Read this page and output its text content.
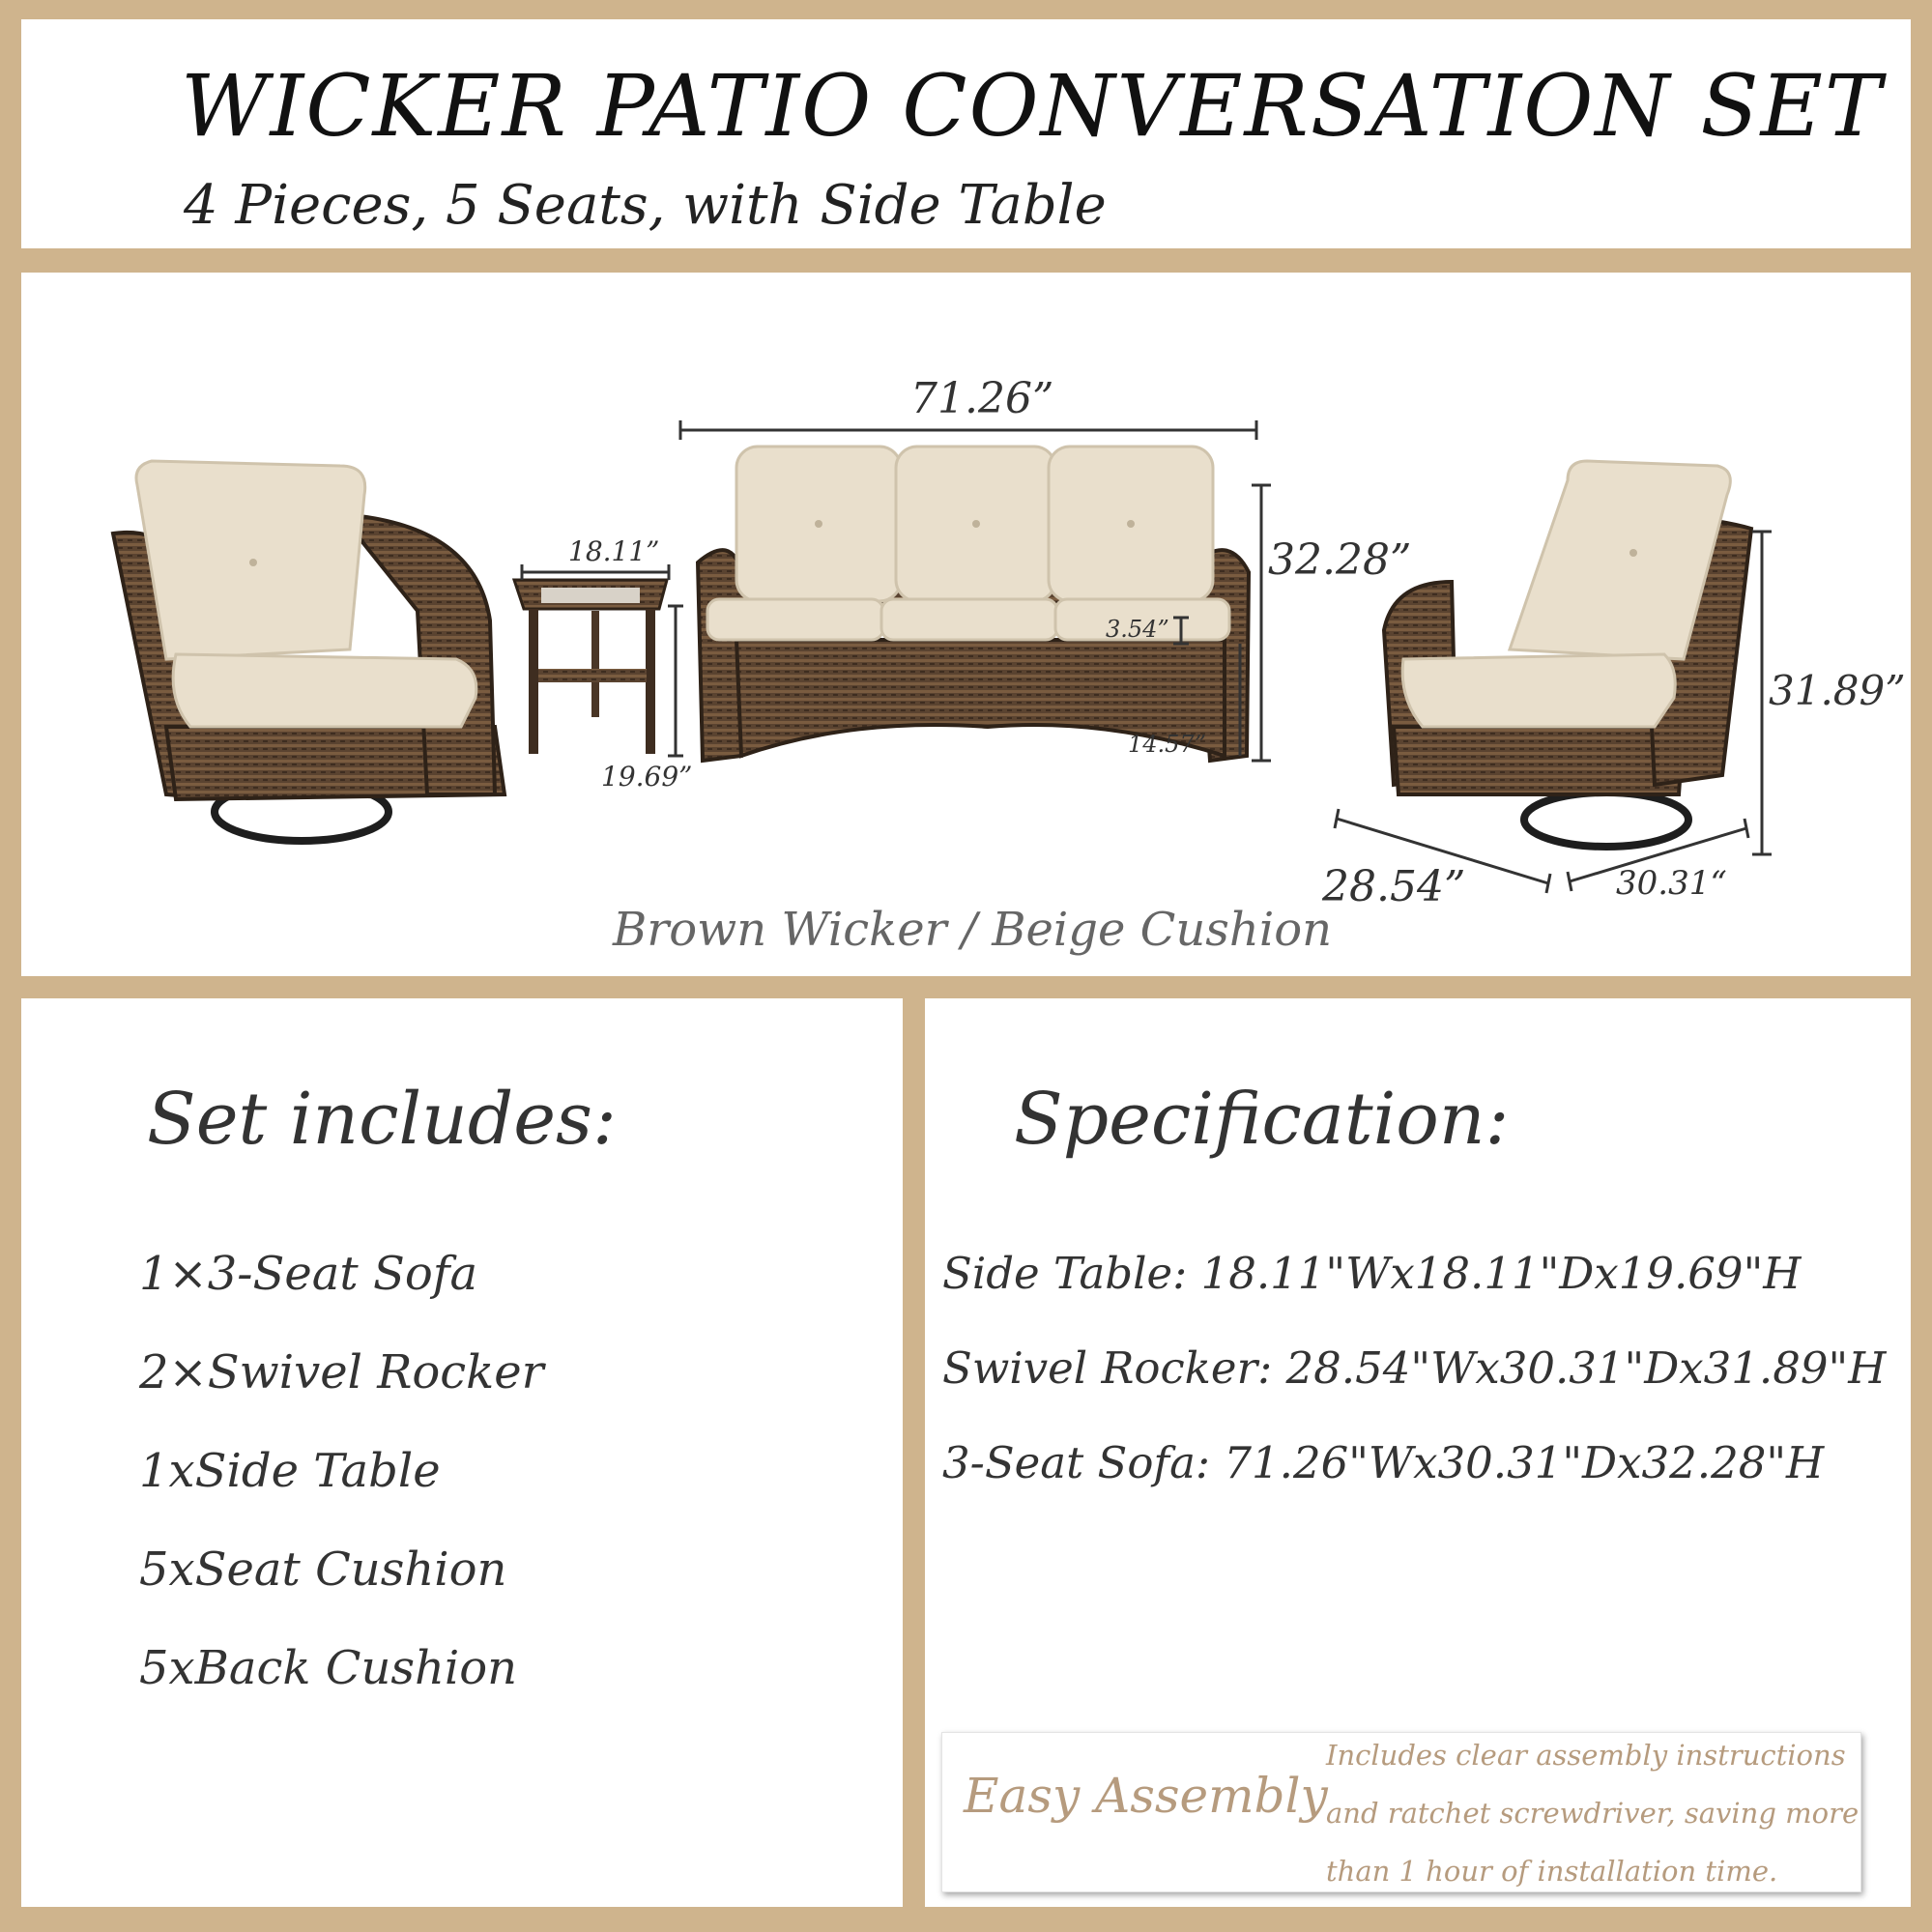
WICKER PATIO CONVERSATION SET
4 Pieces, 5 Seats, with Side Table
71.26”
32.28”
18.11”
19.69”
3.54”
14.57”
31.89”
28.54”	30.31“
Brown Wicker / Beige Cushion
Set includes:
1×3-Seat Sofa
2×Swivel Rocker
1xSide Table
5xSeat Cushion
5xBack Cushion
Specification:
Side Table: 18.11"Wx18.11"Dx19.69"H
Swivel Rocker: 28.54"Wx30.31"Dx31.89"H
3-Seat Sofa: 71.26"Wx30.31"Dx32.28"H
Easy Assembly
Includes clear assembly instructions
and ratchet screwdriver, saving more
than 1 hour of installation time.
